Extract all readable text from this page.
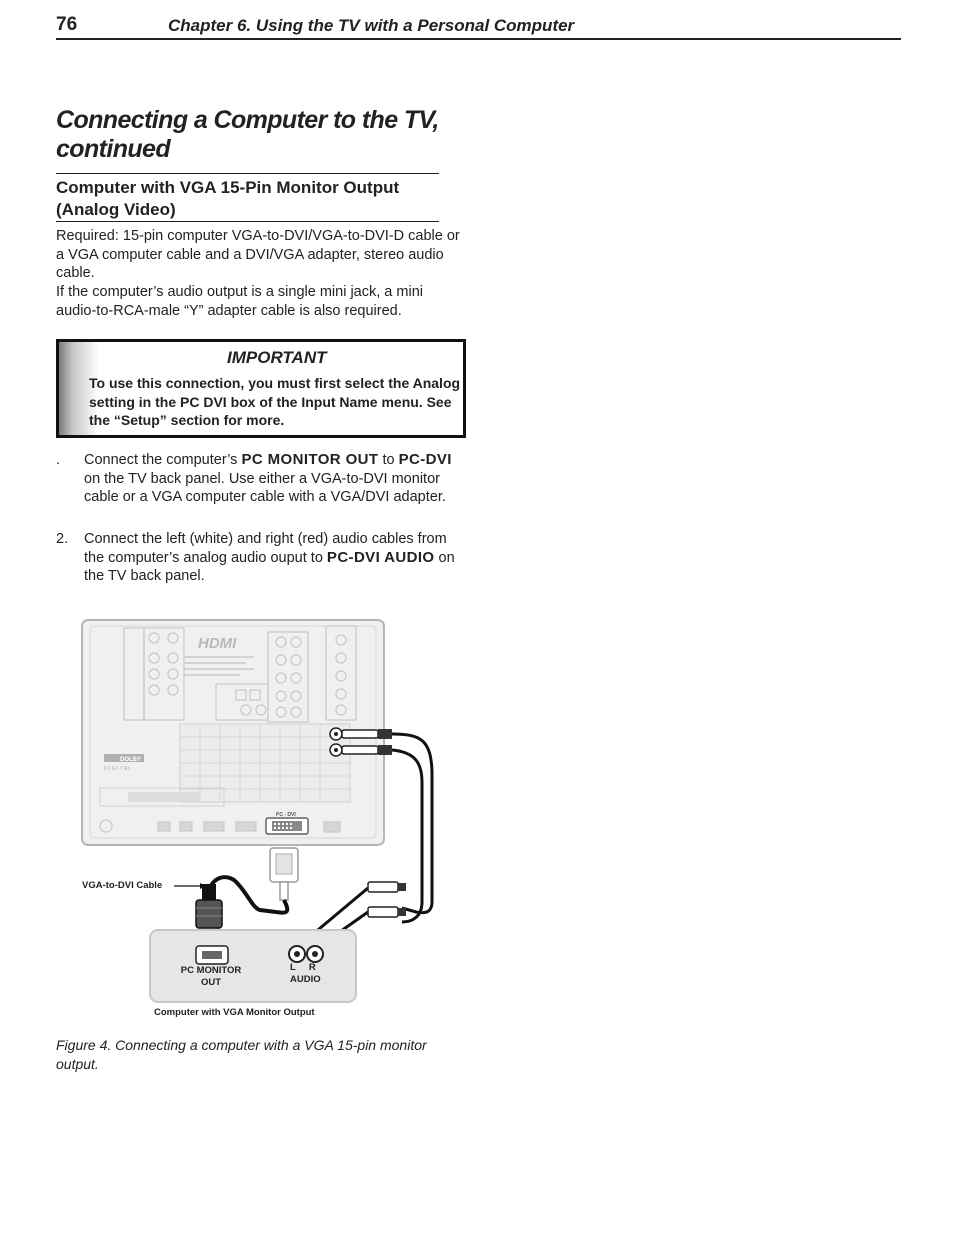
76	Chapter 6. Using the TV with a Personal Computer
Connecting a Computer to the TV, continued
Computer with VGA 15-Pin Monitor Output (Analog Video)

Required: 15-pin computer VGA-to-DVI/VGA-to-DVI-D cable or a VGA computer cable and a DVI/VGA adapter, stereo audio cable.

If the computer’s audio output is a single mini jack, a mini audio-to-RCA-male “Y” adapter cable is also required.

IMPORTANT
To use this connection, you must first select the Analog setting in the PC DVI box of the Input Name menu. See the “Setup” section for more.
.	Connect the computer’s PC MONITOR OUT to PC-DVI on the TV back panel. Use either a VGA-to-DVI monitor cable or a VGA computer cable with a VGA/DVI adapter.
2.	Connect the left (white) and right (red) audio cables from the computer’s analog audio ouput to PC-DVI AUDIO on the TV back panel.
HDMI
DOLBY
D I G I T A L
PC - DVI
VGA-to-DVI Cable
PC MONITOR OUT
L     R
AUDIO
Computer with VGA Monitor Output

Figure 4. Connecting a computer with a VGA 15-pin monitor output.
